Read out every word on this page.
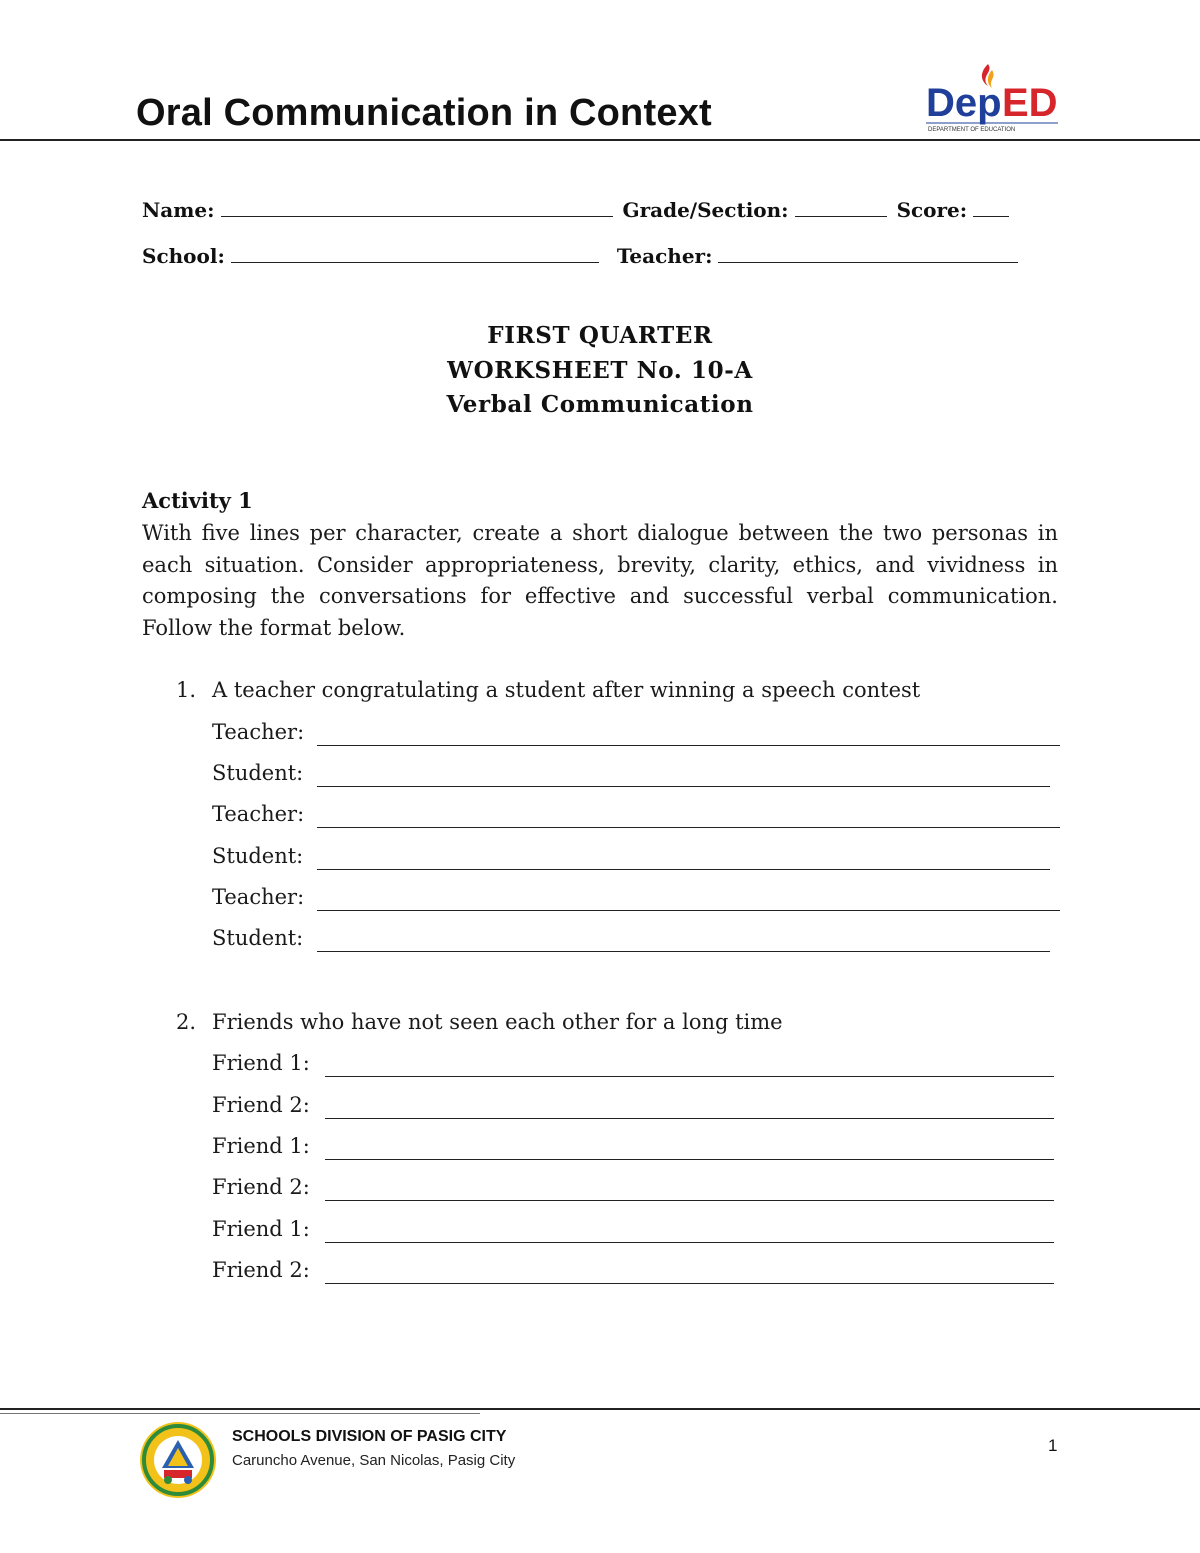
Oral Communication in Context	Dep ED
DEPARTMENT OF EDUCATION
Name:	Grade/Section:	Score:
School:	Teacher:
FIRST QUARTER
WORKSHEET No. 10-A
Verbal Communication
Activity 1
With five lines per character, create a short dialogue between the two personas in each situation. Consider appropriateness, brevity, clarity, ethics, and vividness in composing the conversations for effective and successful verbal communication. Follow the format below.
1. A teacher congratulating a student after winning a speech contest
Teacher:
Student:
Teacher:
Student:
Teacher:
Student:
2. Friends who have not seen each other for a long time
Friend 1:
Friend 2:
Friend 1:
Friend 2:
Friend 1:
Friend 2:
SCHOOLS DIVISION OF PASIG CITY
Caruncho Avenue, San Nicolas, Pasig City
1
